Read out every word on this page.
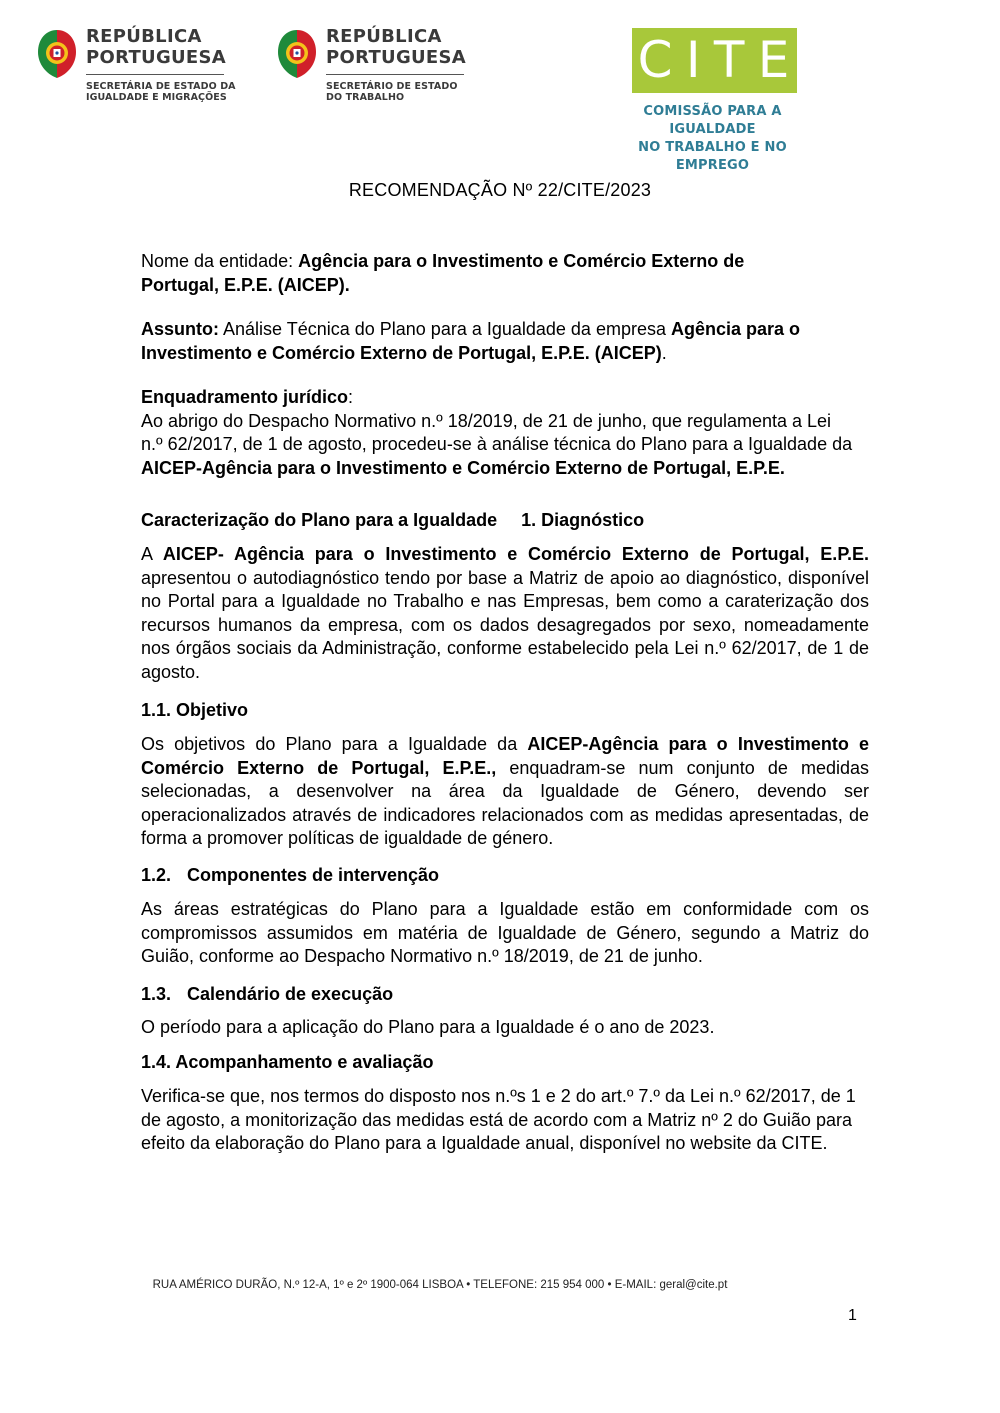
REPÚBLICA
PORTUGUESA
SECRETÁRIA DE ESTADO DA
IGUALDADE E MIGRAÇÕES
REPÚBLICA
PORTUGUESA
SECRETÁRIO DE ESTADO
DO TRABALHO
C I T E
COMISSÃO PARA A IGUALDADE
NO TRABALHO E NO EMPREGO
RECOMENDAÇÃO Nº 22/CITE/2023
Nome da entidade: Agência para o Investimento e Comércio Externo de Portugal, E.P.E. (AICEP).
Assunto: Análise Técnica do Plano para a Igualdade da empresa Agência para o Investimento e Comércio Externo de Portugal, E.P.E. (AICEP).
Enquadramento jurídico:
Ao abrigo do Despacho Normativo n.º 18/2019, de 21 de junho, que regulamenta a Lei n.º 62/2017, de 1 de agosto, procedeu-se à análise técnica do Plano para a Igualdade da AICEP-Agência para o Investimento e Comércio Externo de Portugal, E.P.E.
Caracterização do Plano para a Igualdade 1. Diagnóstico
A AICEP- Agência para o Investimento e Comércio Externo de Portugal, E.P.E. apresentou o autodiagnóstico tendo por base a Matriz de apoio ao diagnóstico, disponível no Portal para a Igualdade no Trabalho e nas Empresas, bem como a caraterização dos recursos humanos da empresa, com os dados desagregados por sexo, nomeadamente nos órgãos sociais da Administração, conforme estabelecido pela Lei n.º 62/2017, de 1 de agosto.
1.1. Objetivo
Os objetivos do Plano para a Igualdade da AICEP-Agência para o Investimento e Comércio Externo de Portugal, E.P.E., enquadram-se num conjunto de medidas selecionadas, a desenvolver na área da Igualdade de Género, devendo ser operacionalizados através de indicadores relacionados com as medidas apresentadas, de forma a promover políticas de igualdade de género.
1.2. Componentes de intervenção
As áreas estratégicas do Plano para a Igualdade estão em conformidade com os compromissos assumidos em matéria de Igualdade de Género, segundo a Matriz do Guião, conforme ao Despacho Normativo n.º 18/2019, de 21 de junho.
1.3. Calendário de execução
O período para a aplicação do Plano para a Igualdade é o ano de 2023.
1.4. Acompanhamento e avaliação
Verifica-se que, nos termos do disposto nos n.ºs 1 e 2 do art.º 7.º da Lei n.º 62/2017, de 1 de agosto, a monitorização das medidas está de acordo com a Matriz nº 2 do Guião para efeito da elaboração do Plano para a Igualdade anual, disponível no website da CITE.
RUA AMÉRICO DURÃO, N.º 12-A, 1º e 2º 1900-064 LISBOA • TELEFONE: 215 954 000 • E-MAIL: geral@cite.pt
1
